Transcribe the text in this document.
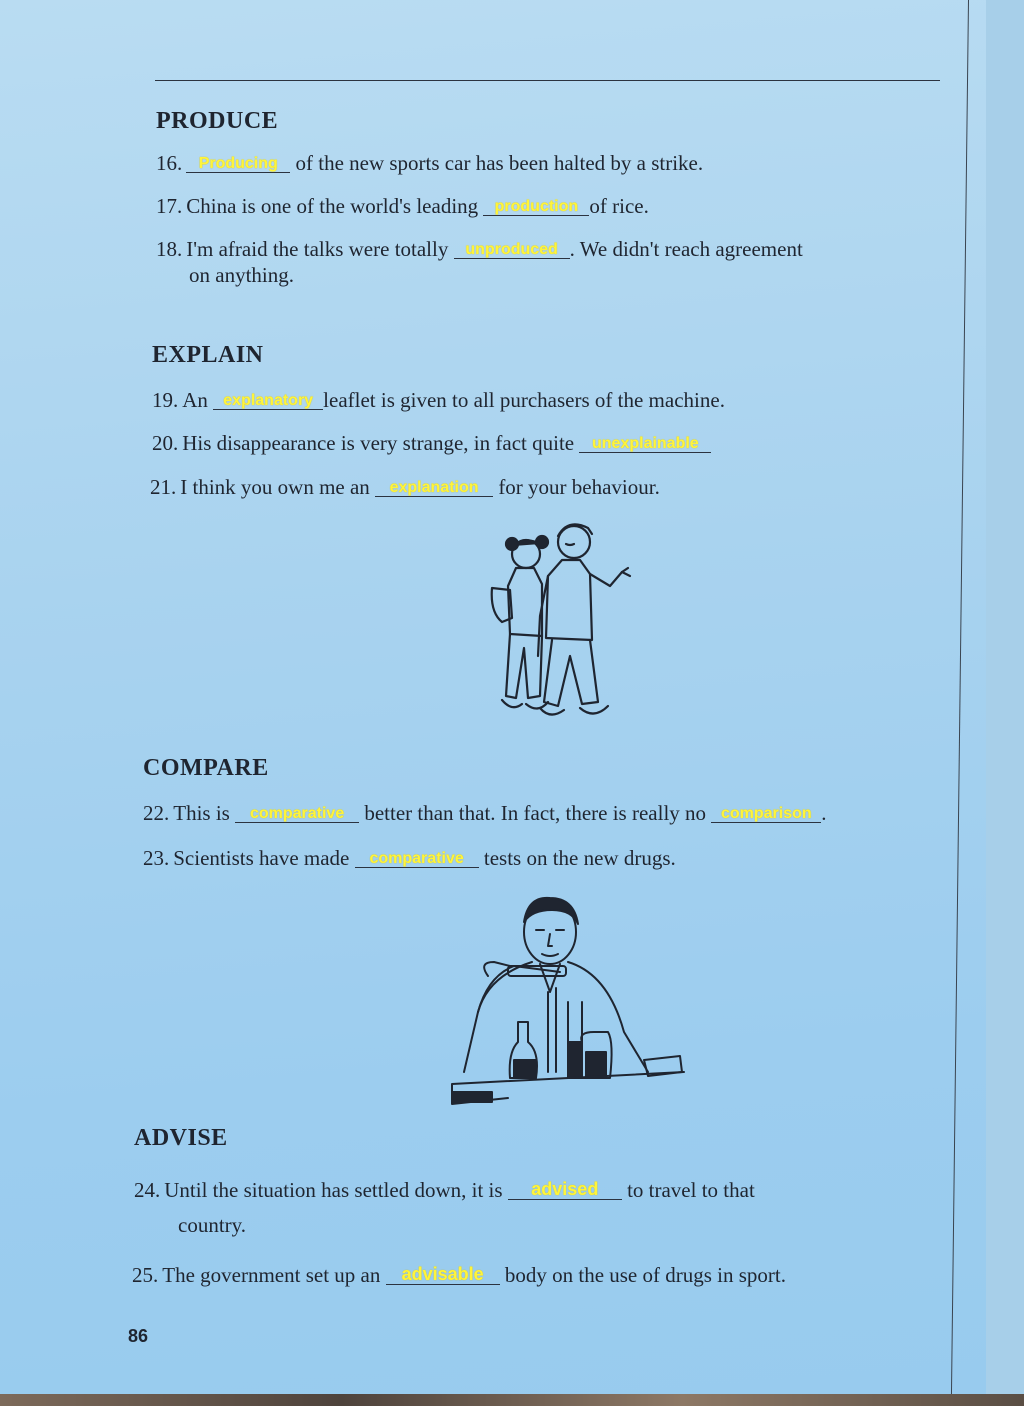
PRODUCE
16. Producing of the new sports car has been halted by a strike.
17. China is one of the world's leading production of rice.
18. I'm afraid the talks were totally unproduced . We didn't reach agreement
on anything.
EXPLAIN
19. An explanatory leaflet is given to all purchasers of the machine.
20. His disappearance is very strange, in fact quite unexplainable
21. I think you own me an explanation for your behaviour.
COMPARE
22. This is comparative better than that. In fact, there is really no comparison .
23. Scientists have made comparative tests on the new drugs.
ADVISE
24. Until the situation has settled down, it is advised to travel to that
country.
25. The government set up an advisable body on the use of drugs in sport.
86
